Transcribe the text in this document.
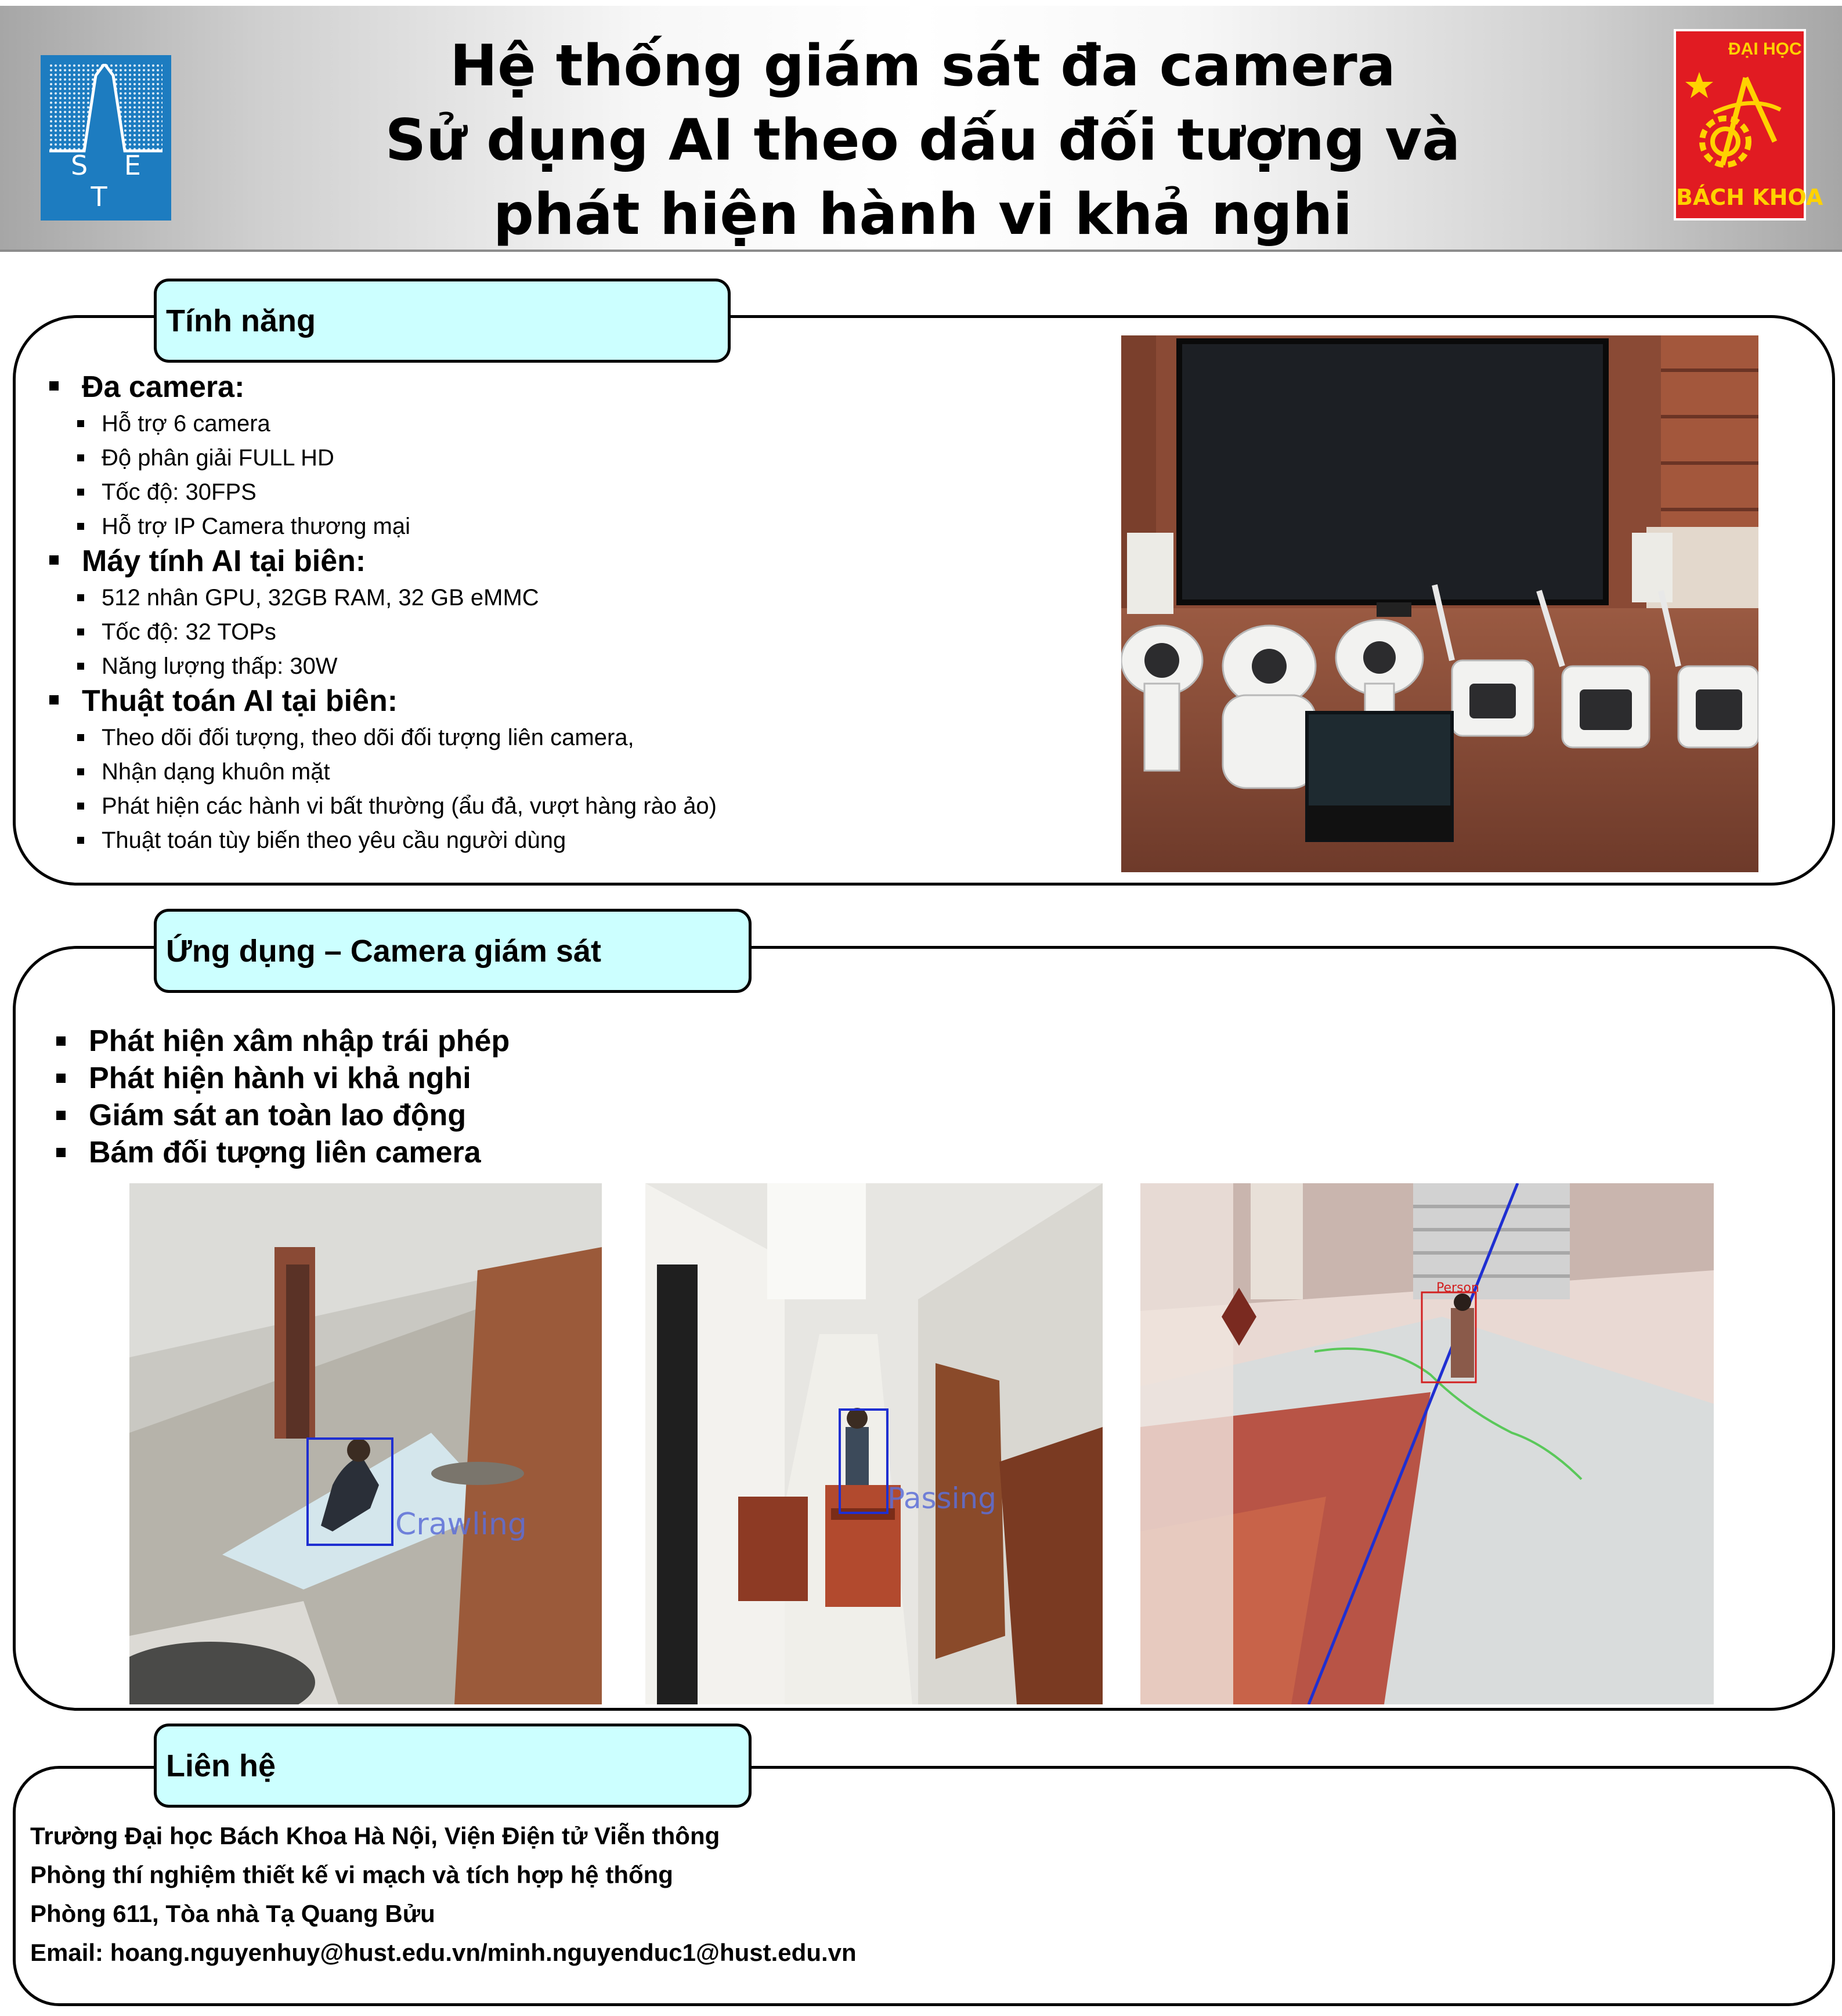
S E T
Hệ thống giám sát đa camera
Sử dụng AI theo dấu đối tượng và
phát hiện hành vi khả nghi
ĐẠI HỌC
BÁCH KHOA
Tính năng
Đa camera:
Hỗ trợ 6 camera
Độ phân giải FULL HD
Tốc độ: 30FPS
Hỗ trợ IP Camera thương mại
Máy tính AI tại biên:
512 nhân GPU, 32GB RAM, 32 GB eMMC
Tốc độ: 32 TOPs
Năng lượng thấp: 30W
Thuật toán AI tại biên:
Theo dõi đối tượng, theo dõi đối tượng liên camera,
Nhận dạng khuôn mặt
Phát hiện các hành vi bất thường (ẩu đả, vượt hàng rào ảo)
Thuật toán tùy biến theo yêu cầu người dùng
Ứng dụng – Camera giám sát
Phát hiện xâm nhập trái phép
Phát hiện hành vi khả nghi
Giám sát an toàn lao động
Bám đối tượng liên camera
Crawling
Passing
Person
Liên hệ
Trường Đại học Bách Khoa Hà Nội, Viện Điện tử Viễn thông
Phòng thí nghiệm thiết kế vi mạch và tích hợp hệ thống
Phòng 611, Tòa nhà Tạ Quang Bửu
Email: hoang.nguyenhuy@hust.edu.vn/minh.nguyenduc1@hust.edu.vn
